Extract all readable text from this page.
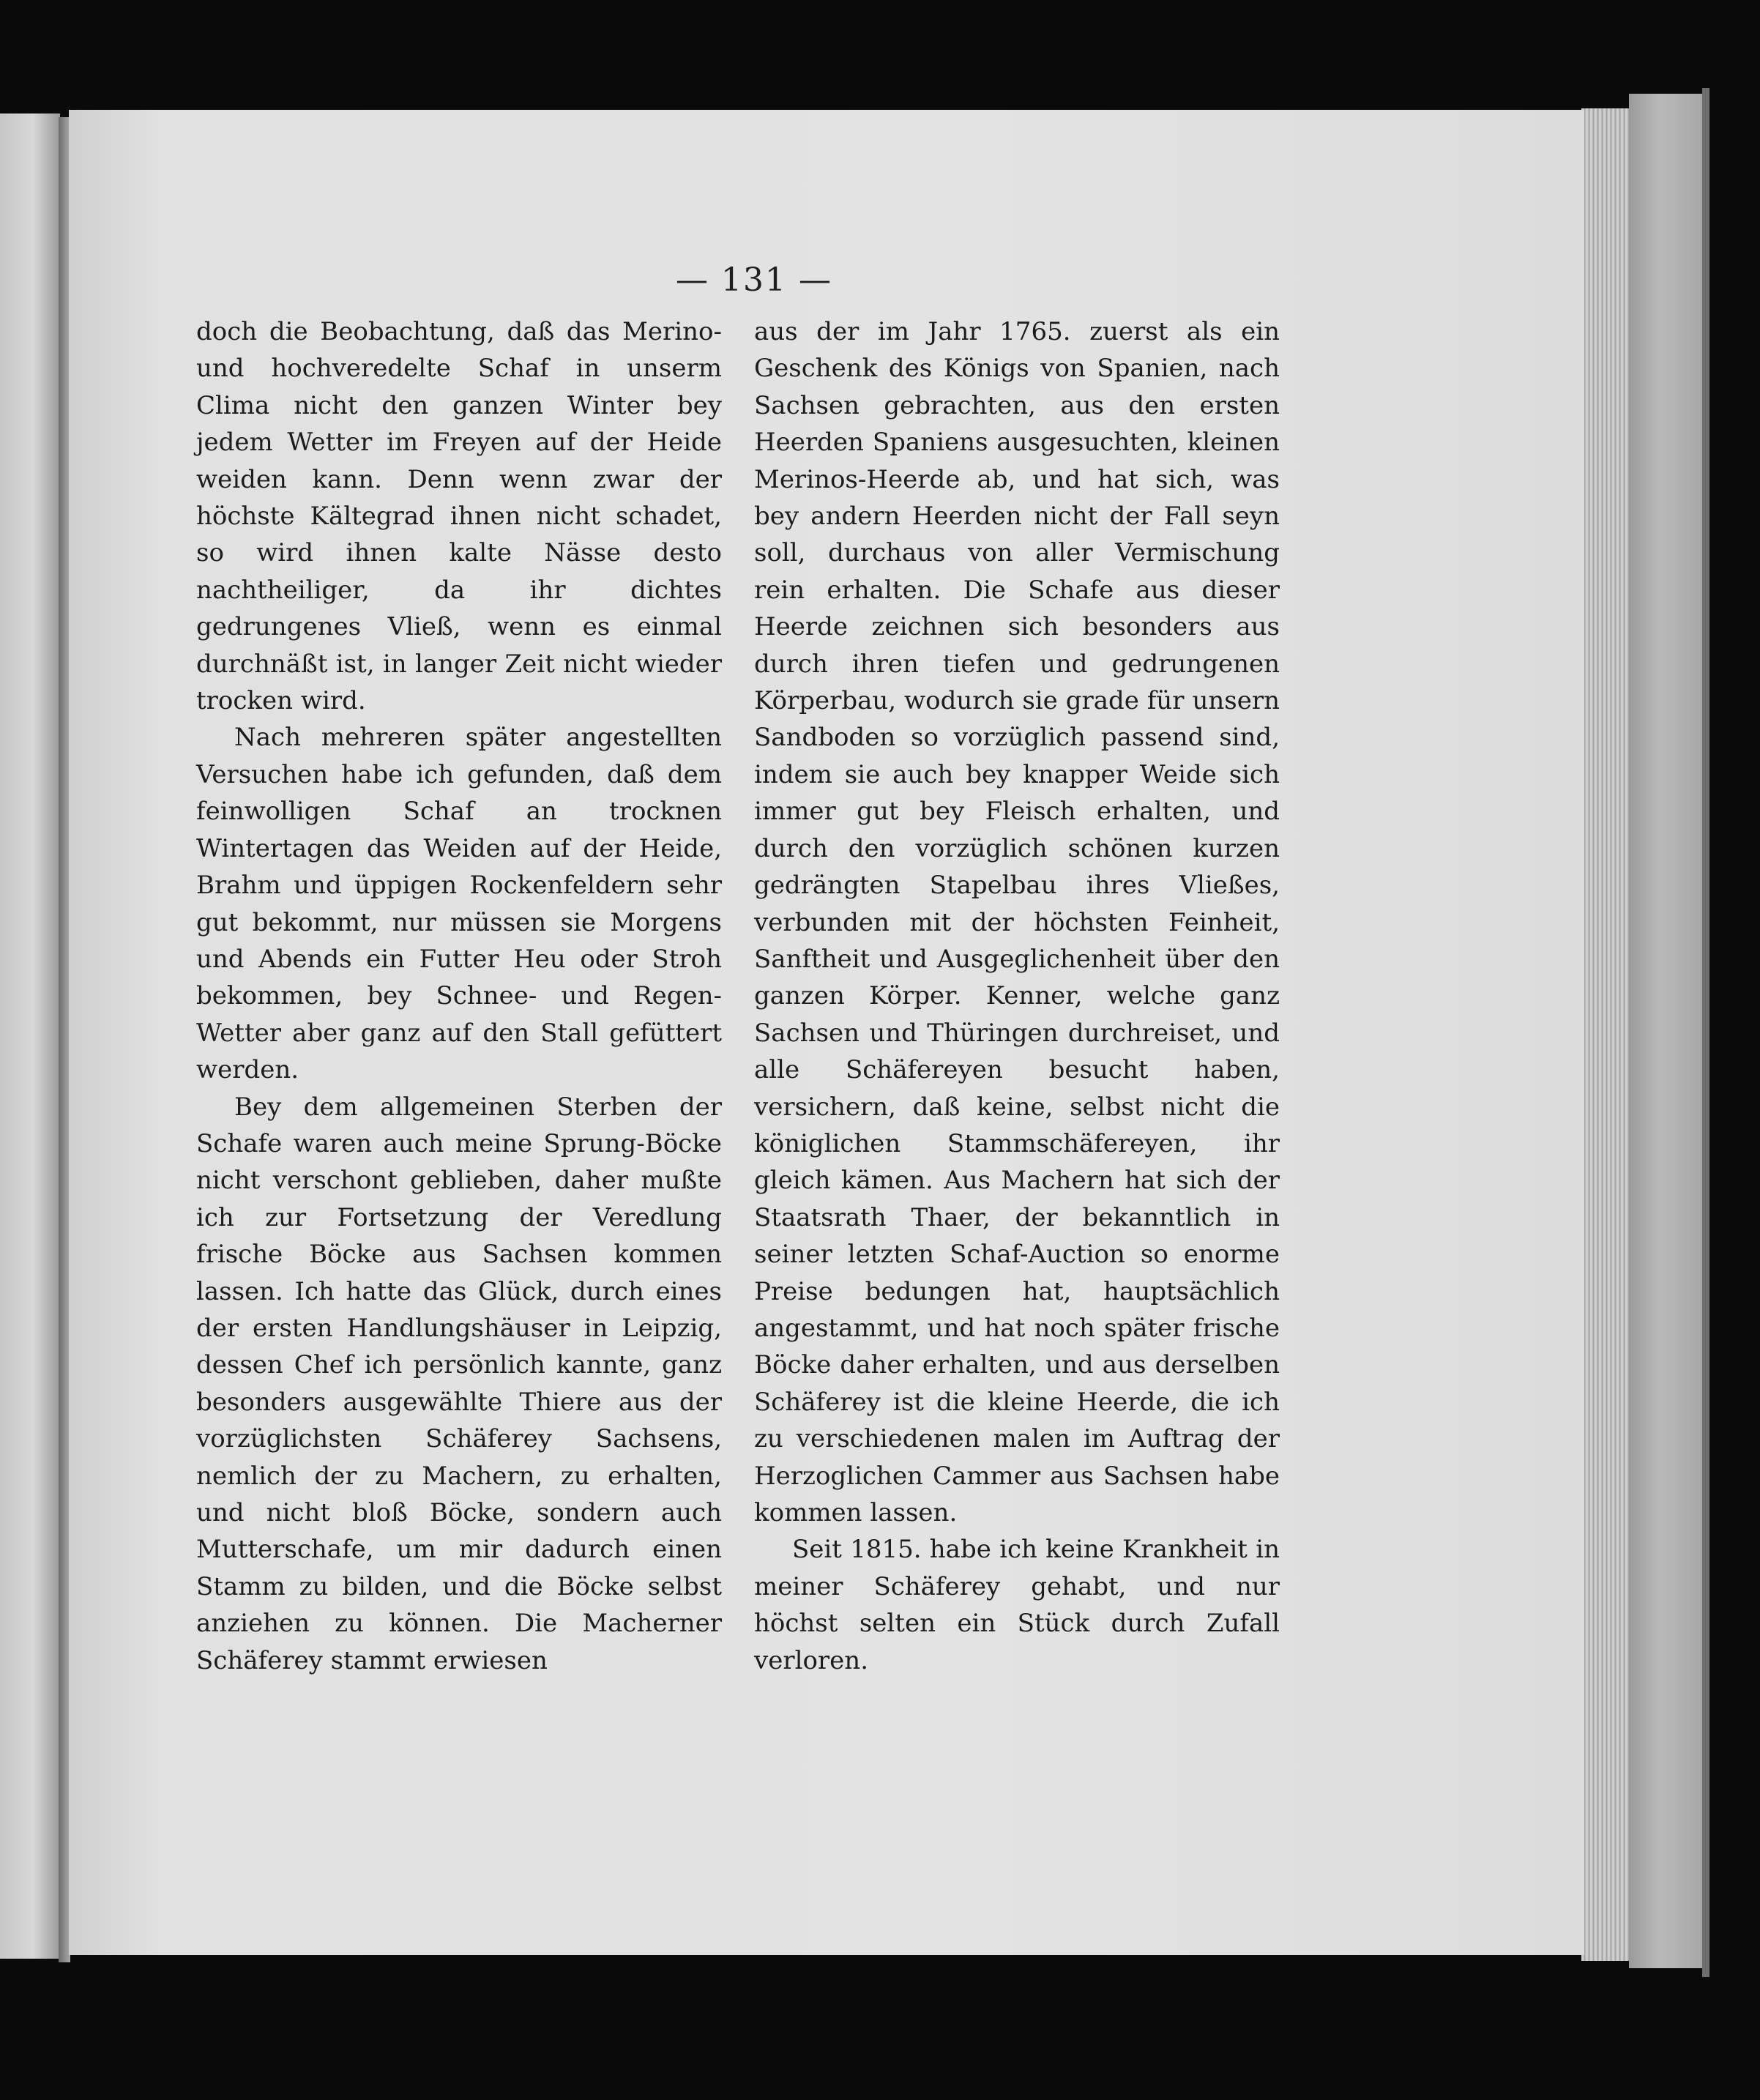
— 131 —

doch die Beobachtung, daß das Merino- und hochveredelte Schaf in unserm Clima nicht den ganzen Winter bey jedem Wetter im Freyen auf der Heide weiden kann. Denn wenn zwar der höchste Kältegrad ihnen nicht schadet, so wird ihnen kalte Nässe desto nachtheiliger, da ihr dichtes gedrungenes Vließ, wenn es einmal durchnäßt ist, in langer Zeit nicht wieder trocken wird.

Nach mehreren später angestellten Versuchen habe ich gefunden, daß dem feinwolligen Schaf an trocknen Wintertagen das Weiden auf der Heide, Brahm und üppigen Rockenfeldern sehr gut bekommt, nur müssen sie Morgens und Abends ein Futter Heu oder Stroh bekommen, bey Schnee- und Regen-Wetter aber ganz auf den Stall gefüttert werden.

Bey dem allgemeinen Sterben der Schafe waren auch meine Sprung-Böcke nicht verschont geblieben, daher mußte ich zur Fortsetzung der Veredlung frische Böcke aus Sachsen kommen lassen. Ich hatte das Glück, durch eines der ersten Handlungshäuser in Leipzig, dessen Chef ich persönlich kannte, ganz besonders ausgewählte Thiere aus der vorzüglichsten Schäferey Sachsens, nemlich der zu Machern, zu erhalten, und nicht bloß Böcke, sondern auch Mutterschafe, um mir dadurch einen Stamm zu bilden, und die Böcke selbst anziehen zu können. Die Macherner Schäferey stammt erwiesen

aus der im Jahr 1765. zuerst als ein Geschenk des Königs von Spanien, nach Sachsen gebrachten, aus den ersten Heerden Spaniens ausgesuchten, kleinen Merinos-Heerde ab, und hat sich, was bey andern Heerden nicht der Fall seyn soll, durchaus von aller Vermischung rein erhalten. Die Schafe aus dieser Heerde zeichnen sich besonders aus durch ihren tiefen und gedrungenen Körperbau, wodurch sie grade für unsern Sandboden so vorzüglich passend sind, indem sie auch bey knapper Weide sich immer gut bey Fleisch erhalten, und durch den vorzüglich schönen kurzen gedrängten Stapelbau ihres Vließes, verbunden mit der höchsten Feinheit, Sanftheit und Ausgeglichenheit über den ganzen Körper. Kenner, welche ganz Sachsen und Thüringen durchreiset, und alle Schäfereyen besucht haben, versichern, daß keine, selbst nicht die königlichen Stammschäfereyen, ihr gleich kämen. Aus Machern hat sich der Staatsrath Thaer, der bekanntlich in seiner letzten Schaf-Auction so enorme Preise bedungen hat, hauptsächlich angestammt, und hat noch später frische Böcke daher erhalten, und aus derselben Schäferey ist die kleine Heerde, die ich zu verschiedenen malen im Auftrag der Herzoglichen Cammer aus Sachsen habe kommen lassen.

Seit 1815. habe ich keine Krankheit in meiner Schäferey gehabt, und nur höchst selten ein Stück durch Zufall verloren.
